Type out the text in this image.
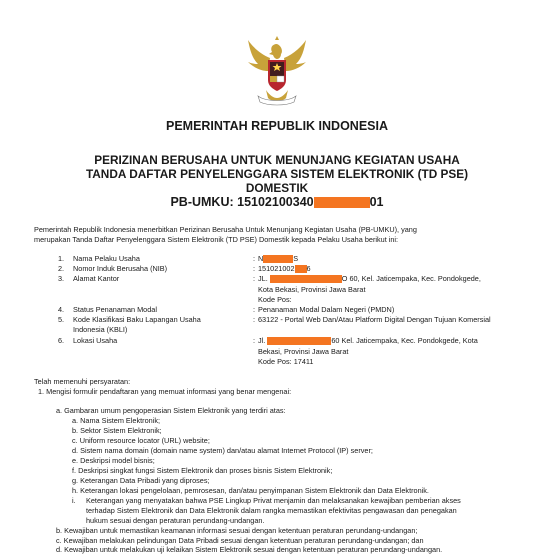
PEMERINTAH REPUBLIK INDONESIA
PERIZINAN BERUSAHA UNTUK MENUNJANG KEGIATAN USAHA
TANDA DAFTAR PENYELENGGARA SISTEM ELEKTRONIK (TD PSE)
DOMESTIK
PB-UMKU: 15102100340	01
Pemerintah Republik Indonesia menerbitkan Perizinan Berusaha Untuk Menunjang Kegiatan Usaha (PB-UMKU), yang
merupakan Tanda Daftar Penyelenggara Sistem Elektronik (TD PSE) Domestik kepada Pelaku Usaha berikut ini:
1. Nama Pelaku Usaha	: N	S
2. Nomor Induk Berusaha (NIB)	: 151021002 6
3. Alamat Kantor	: JL.	O 60, Kel. Jaticempaka, Kec. Pondokgede,
Kota Bekasi, Provinsi Jawa Barat
Kode Pos:
4. Status Penanaman Modal	: Penanaman Modal Dalam Negeri (PMDN)
5. Kode Klasifikasi Baku Lapangan Usaha	: 63122 - Portal Web Dan/Atau Platform Digital Dengan Tujuan Komersial
Indonesia (KBLI)
6. Lokasi Usaha	: Jl.	60 Kel. Jaticempaka, Kec. Pondokgede, Kota
Bekasi, Provinsi Jawa Barat
Kode Pos: 17411
Telah memenuhi persyaratan:
1. Mengisi formulir pendaftaran yang memuat informasi yang benar mengenai:
a. Gambaran umum pengoperasian Sistem Elektronik yang terdiri atas:
a. Nama Sistem Elektronik;
b. Sektor Sistem Elektronik;
c. Uniform resource locator (URL) website;
d. Sistem nama domain (domain name system) dan/atau alamat Internet Protocol (IP) server;
e. Deskripsi model bisnis;
f. Deskripsi singkat fungsi Sistem Elektronik dan proses bisnis Sistem Elektronik;
g. Keterangan Data Pribadi yang diproses;
h. Keterangan lokasi pengelolaan, pemrosesan, dan/atau penyimpanan Sistem Elektronik dan Data Elektronik.
i. Keterangan yang menyatakan bahwa PSE Lingkup Privat menjamin dan melaksanakan kewajiban pemberian akses
terhadap Sistem Elektronik dan Data Elektronik dalam rangka memastikan efektivitas pengawasan dan penegakan
hukum sesuai dengan peraturan perundang-undangan.
b. Kewajiban untuk memastikan keamanan informasi sesuai dengan ketentuan peraturan perundang-undangan;
c. Kewajiban melakukan pelindungan Data Pribadi sesuai dengan ketentuan peraturan perundang-undangan; dan
d. Kewajiban untuk melakukan uji kelaikan Sistem Elektronik sesuai dengan ketentuan peraturan perundang-undangan.
